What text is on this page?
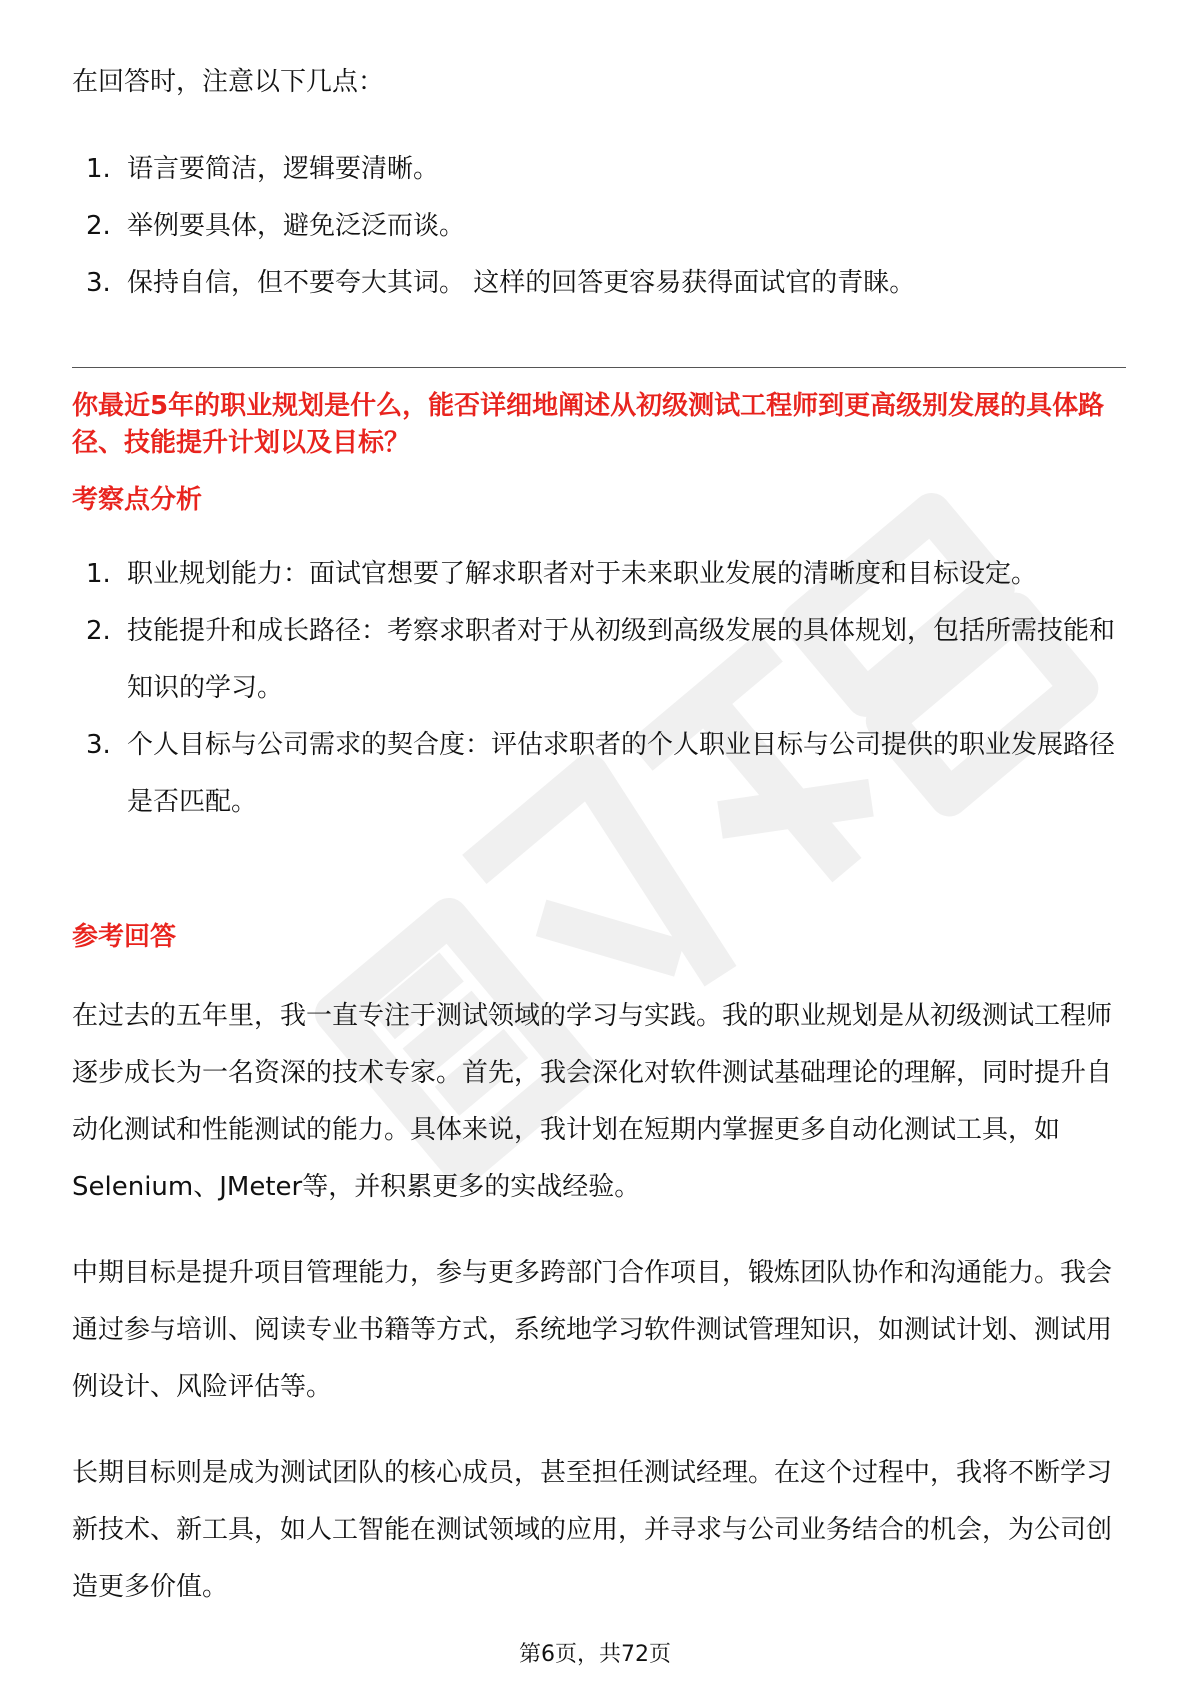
在回答时，注意以下几点：
1. 语言要简洁，逻辑要清晰。
2. 举例要具体，避免泛泛而谈。
3. 保持自信，但不要夸大其词。 这样的回答更容易获得面试官的青睐。
你最近5年的职业规划是什么，能否详细地阐述从初级测试工程师到更高级别发展的具体路径、技能提升计划以及目标？
考察点分析
1. 职业规划能力：面试官想要了解求职者对于未来职业发展的清晰度和目标设定。
2. 技能提升和成长路径：考察求职者对于从初级到高级发展的具体规划，包括所需技能和知识的学习。
3. 个人目标与公司需求的契合度：评估求职者的个人职业目标与公司提供的职业发展路径是否匹配。
参考回答
在过去的五年里，我一直专注于测试领域的学习与实践。我的职业规划是从初级测试工程师逐步成长为一名资深的技术专家。首先，我会深化对软件测试基础理论的理解，同时提升自动化测试和性能测试的能力。具体来说，我计划在短期内掌握更多自动化测试工具，如Selenium、JMeter等，并积累更多的实战经验。
中期目标是提升项目管理能力，参与更多跨部门合作项目，锻炼团队协作和沟通能力。我会通过参与培训、阅读专业书籍等方式，系统地学习软件测试管理知识，如测试计划、测试用例设计、风险评估等。
长期目标则是成为测试团队的核心成员，甚至担任测试经理。在这个过程中，我将不断学习新技术、新工具，如人工智能在测试领域的应用，并寻求与公司业务结合的机会，为公司创造更多价值。
第6页，共72页
